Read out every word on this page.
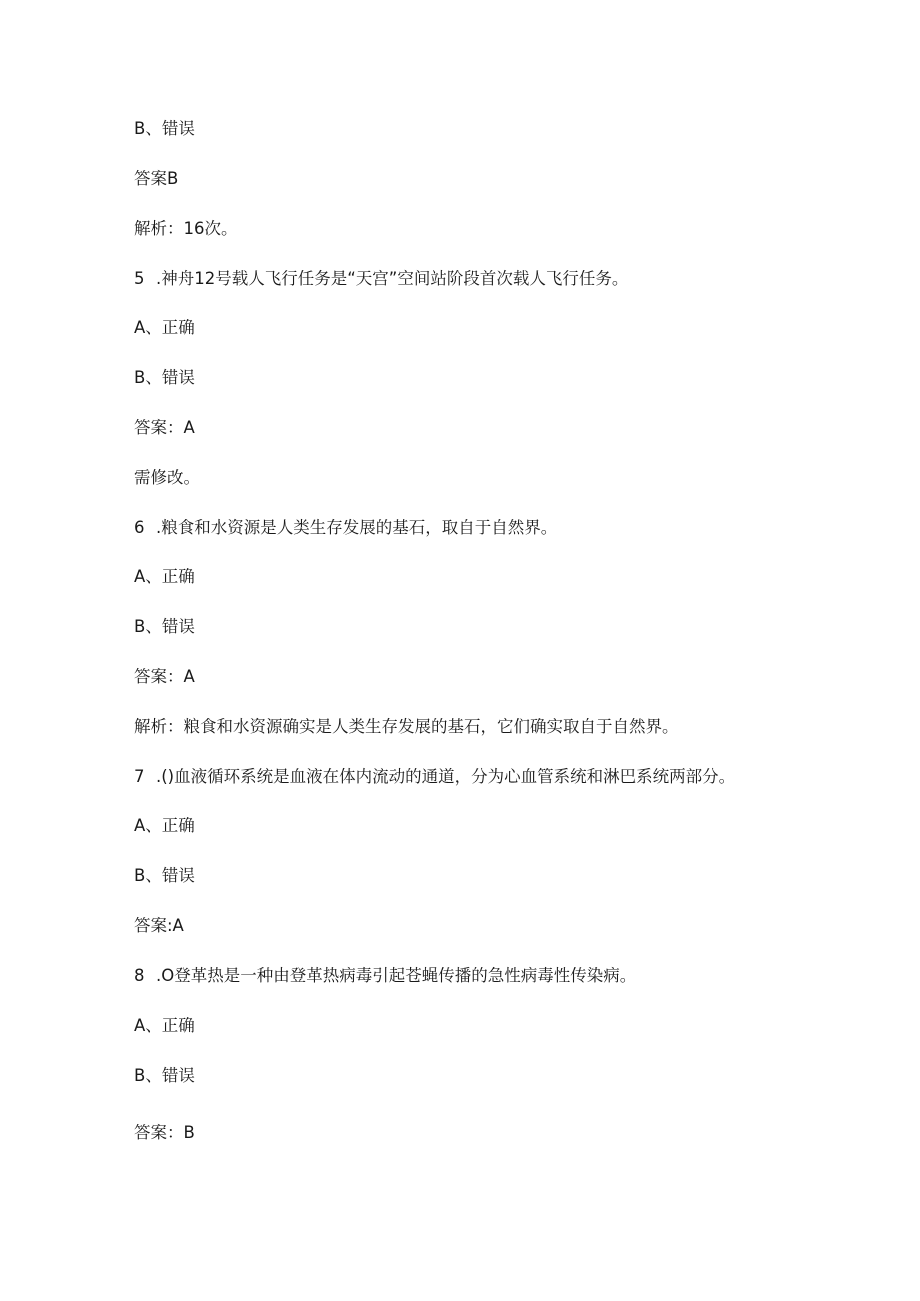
B、错误
答案B
解析：16次。
5 .神舟12号载人飞行任务是“天宫”空间站阶段首次载人飞行任务。
A、正确
B、错误
答案：A
需修改。
6 .粮食和水资源是人类生存发展的基石，取自于自然界。
A、正确
B、错误
答案：A
解析：粮食和水资源确实是人类生存发展的基石，它们确实取自于自然界。
7 .()血液循环系统是血液在体内流动的通道，分为心血管系统和淋巴系统两部分。
A、正确
B、错误
答案:A
8 .O登革热是一种由登革热病毒引起苍蝇传播的急性病毒性传染病。
A、正确
B、错误
答案：B
